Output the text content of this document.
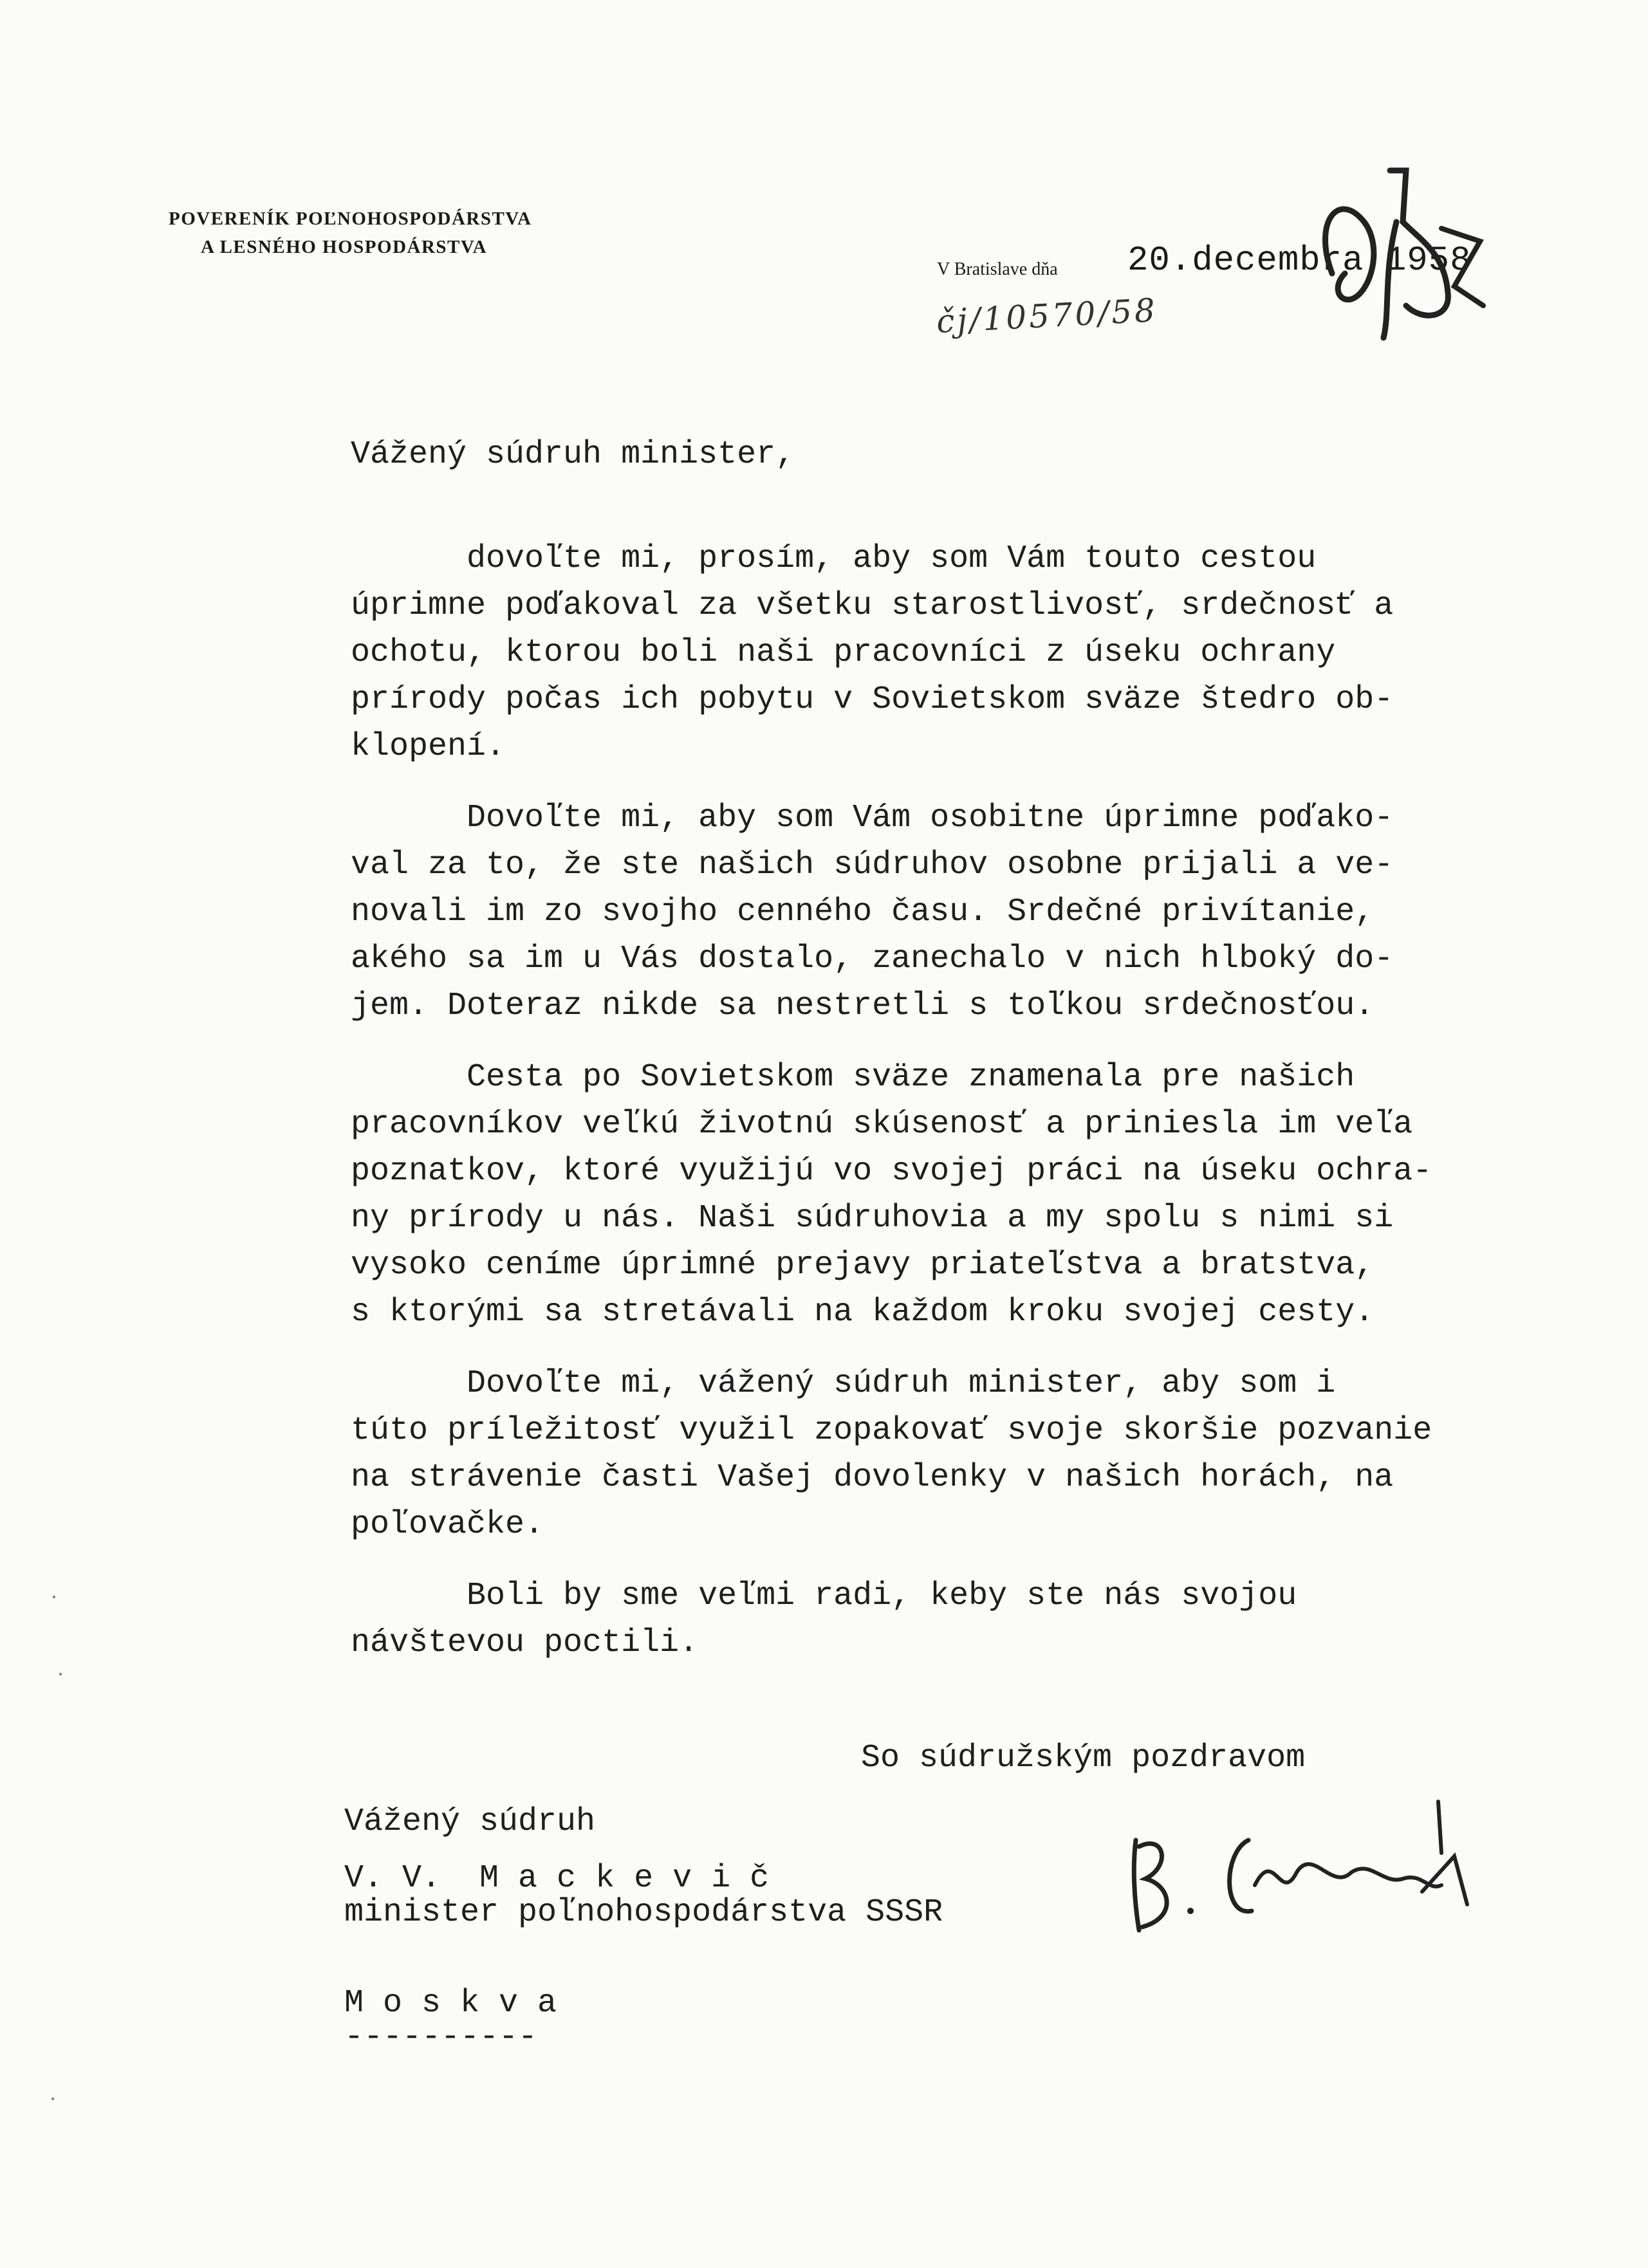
POVERENÍK POĽNOHOSPODÁRSTVA
A LESNÉHO HOSPODÁRSTVA
V Bratislave dňa 20.decembra 1958
čj/10570/58

Vážený súdruh minister,

dovoľte mi, prosím, aby som Vám touto cestou

úprimne poďakoval za všetku starostlivosť, srdečnosť a

ochotu, ktorou boli naši pracovníci z úseku ochrany

prírody počas ich pobytu v Sovietskom sväze štedro ob-

klopení.

Dovoľte mi, aby som Vám osobitne úprimne poďako-

val za to, že ste našich súdruhov osobne prijali a ve-

novali im zo svojho cenného času. Srdečné privítanie,

akého sa im u Vás dostalo, zanechalo v nich hlboký do-

jem. Doteraz nikde sa nestretli s toľkou srdečnosťou.

Cesta po Sovietskom sväze znamenala pre našich

pracovníkov veľkú životnú skúsenosť a priniesla im veľa

poznatkov, ktoré využijú vo svojej práci na úseku ochra-

ny prírody u nás. Naši súdruhovia a my spolu s nimi si

vysoko ceníme úprimné prejavy priateľstva a bratstva,

s ktorými sa stretávali na každom kroku svojej cesty.

Dovoľte mi, vážený súdruh minister, aby som i

túto príležitosť využil zopakovať svoje skoršie pozvanie

na strávenie časti Vašej dovolenky v našich horách, na

poľovačke.

Boli by sme veľmi radi, keby ste nás svojou

návštevou poctili.

So súdružským pozdravom

Vážený súdruh

V. V.  M a c k e v i č

minister poľnohospodárstva SSSR

M o s k v a

----------
